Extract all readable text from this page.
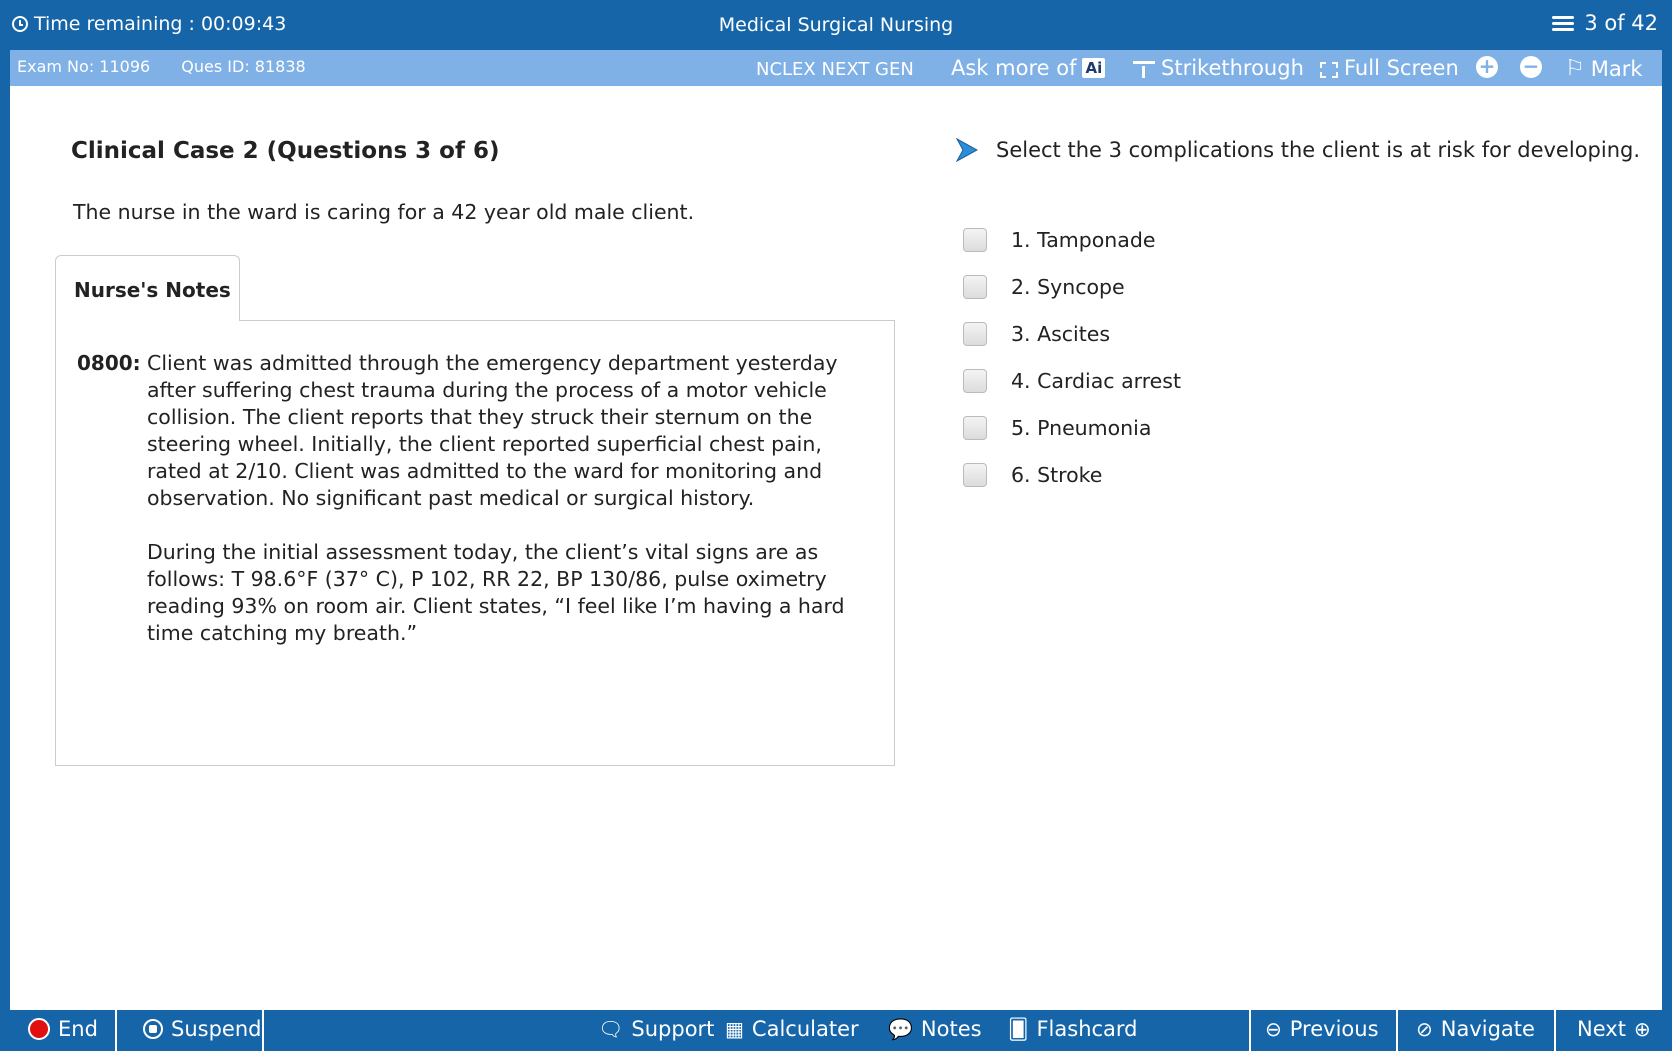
Time remaining : 00:09:43	Medical Surgical Nursing	3 of 42
Exam No: 11096 Ques ID: 81838	NCLEX NEXT GEN Ask more of Ai	Strikethrough Full Screen + − ⚐ Mark
Clinical Case 2 (Questions 3 of 6)
The nurse in the ward is caring for a 42 year old male client.
Nurse's Notes
0800: Client was admitted through the emergency department yesterday after suffering chest trauma during the process of a motor vehicle collision. The client reports that they struck their sternum on the steering wheel. Initially, the client reported superficial chest pain, rated at 2/10. Client was admitted to the ward for monitoring and observation. No significant past medical or surgical history.

During the initial assessment today, the client’s vital signs are as follows: T 98.6°F (37° C), P 102, RR 22, BP 130/86, pulse oximetry reading 93% on room air. Client states, “I feel like I’m having a hard time catching my breath.”

Select the 3 complications the client is at risk for developing.
1. Tamponade
2. Syncope
3. Ascites
4. Cardiac arrest
5. Pneumonia
6. Stroke
End	Suspend	🗨 Support ▦ Calculater 💬 Notes 🂠 Flashcard	⊖ Previous ⊘ Navigate Next ⊕
